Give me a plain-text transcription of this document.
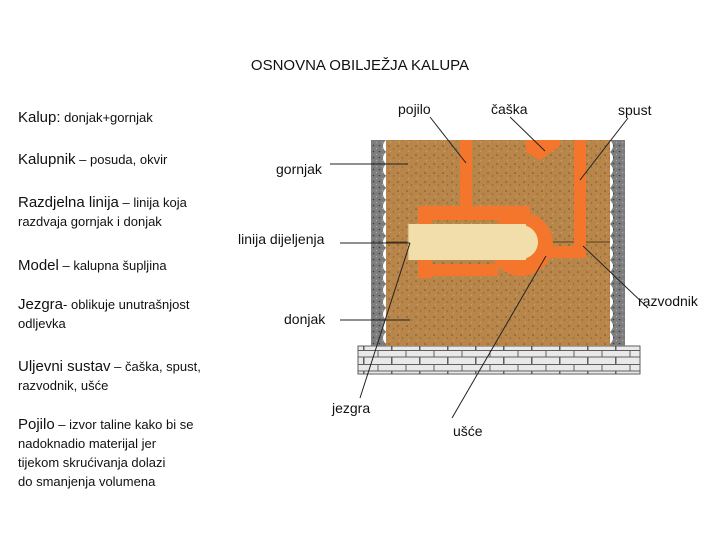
OSNOVNA OBILJEŽJA KALUPA
Kalup: donjak+gornjak
Kalupnik – posuda, okvir
Razdjelna linija – linija koja
razdvaja gornjak i donjak
Model – kalupna šupljina
Jezgra- oblikuje unutrašnjost
odljevka
Uljevni sustav – čaška, spust,
razvodnik, ušće
Pojilo – izvor taline kako bi se
nadoknadio materijal jer
tijekom skrućivanja dolazi
do smanjenja volumena
pojilo	čaška	spust
gornjak
linija dijeljenja
razvodnik
donjak
jezgra
ušće
